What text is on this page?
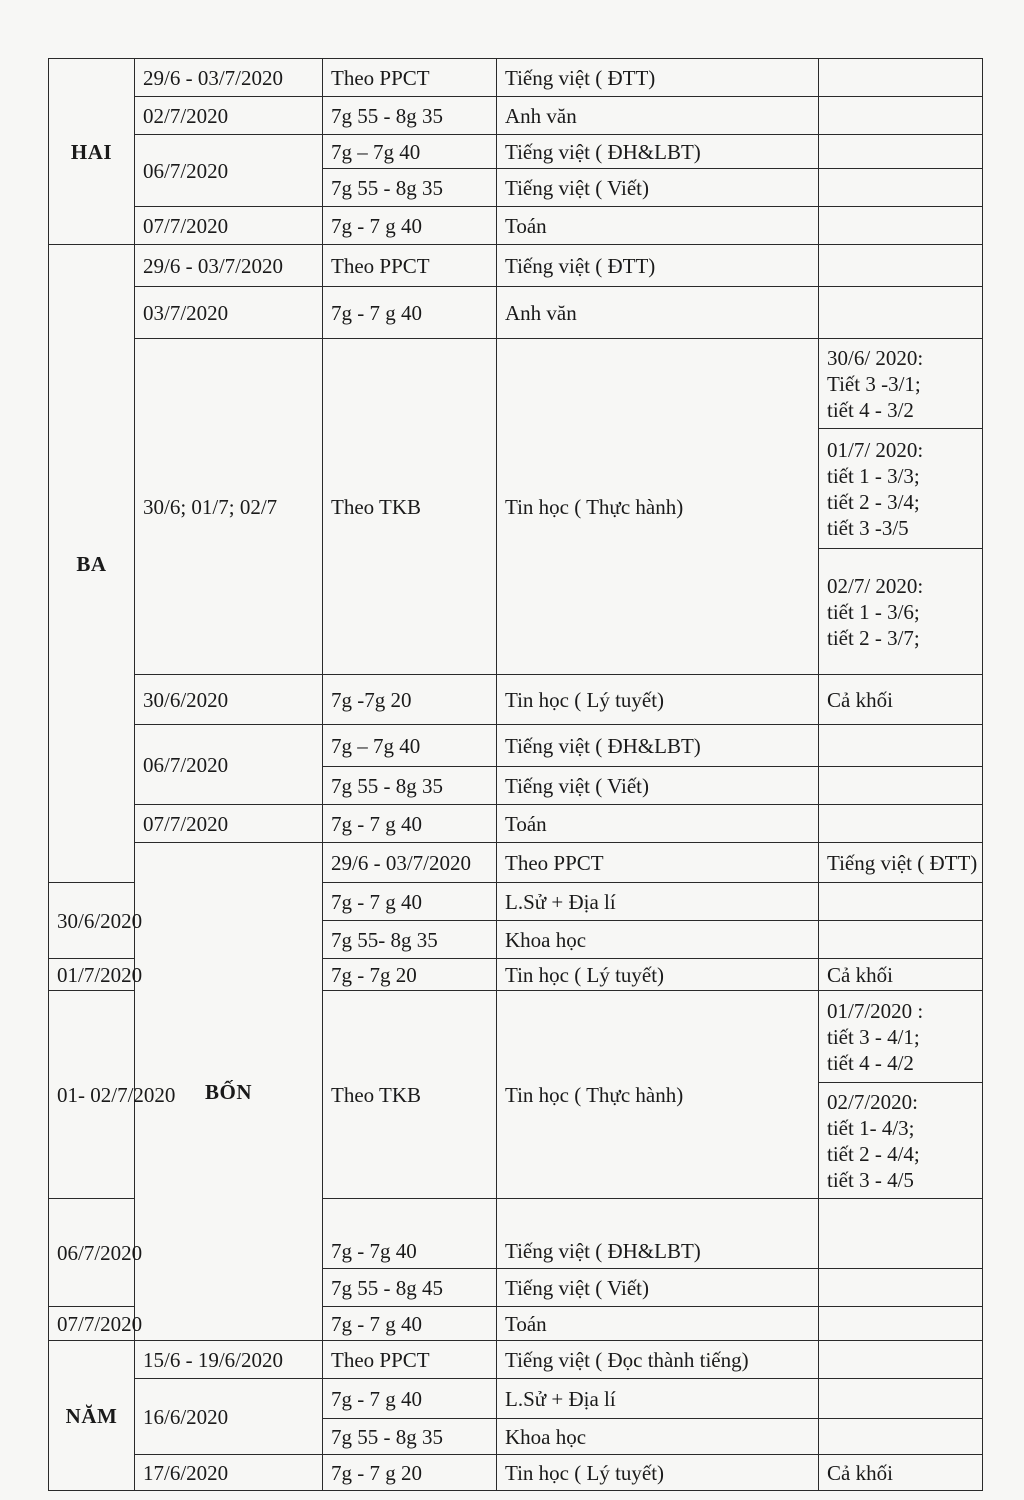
HAI	29/6 - 03/7/2020	Theo PPCT	Tiếng việt ( ĐTT)		
	02/7/2020	7g 55 - 8g 35	Anh văn		
	06/7/2020	7g – 7g 40	Tiếng việt ( ĐH&LBT)		
		7g 55 - 8g 35	Tiếng việt ( Viết)		
	07/7/2020	7g - 7 g 40	Toán		
BA	29/6 - 03/7/2020	Theo PPCT	Tiếng việt ( ĐTT)		
	03/7/2020	7g - 7 g 40	Anh văn		
	30/6; 01/7; 02/7	Theo TKB	Tin học ( Thực hành)	30/6/ 2020:
Tiết 3 -3/1;
tiết 4 - 3/2	

				01/7/ 2020:
tiết 1 - 3/3;
tiết 2 - 3/4;
tiết 3 -3/5	

				02/7/ 2020:
tiết 1 - 3/6;
tiết 2 - 3/7;	

	30/6/2020	7g -7g 20	Tin học ( Lý tuyết)	Cả khối	
	06/7/2020	7g – 7g 40	Tiếng việt ( ĐH&LBT)		
		7g 55 - 8g 35	Tiếng việt ( Viết)		
	07/7/2020	7g - 7 g 40	Toán		
	BỐN	29/6 - 03/7/2020	Theo PPCT	Tiếng việt ( ĐTT)	
30/6/2020		7g - 7 g 40	L.Sử + Địa lí		
		7g 55- 8g 35	Khoa học		
01/7/2020		7g - 7g 20	Tin học ( Lý tuyết)	Cả khối	
01- 02/7/2020		Theo TKB	Tin học ( Thực hành)	01/7/2020 :
tiết 3 - 4/1;
tiết 4 - 4/2	

				02/7/2020:
tiết 1- 4/3;
tiết 2 - 4/4;
tiết 3 - 4/5	

06/7/2020		7g - 7g 40	Tiếng việt ( ĐH&LBT)		
		7g 55 - 8g 45	Tiếng việt ( Viết)		
07/7/2020		7g - 7 g 40	Toán		
NĂM	15/6 - 19/6/2020	Theo PPCT	Tiếng việt ( Đọc thành tiếng)		
	16/6/2020	7g - 7 g 40	L.Sử + Địa lí		
		7g 55 - 8g 35	Khoa học		
	17/6/2020	7g - 7 g 20	Tin học ( Lý tuyết)	Cả khối	
